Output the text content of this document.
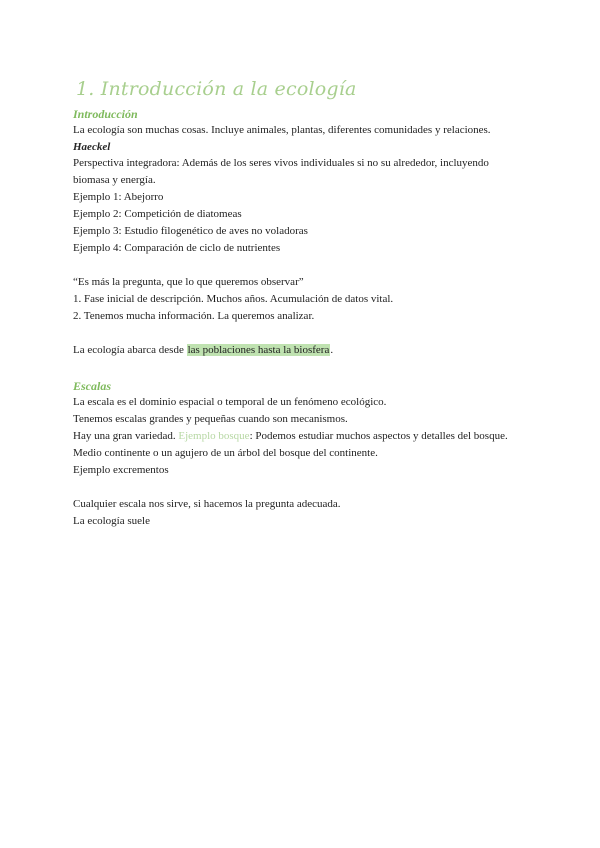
1. Introducción a la ecología
Introducción

La ecología son muchas cosas. Incluye animales, plantas, diferentes comunidades y relaciones.

Haeckel

Perspectiva integradora: Además de los seres vivos individuales si no su alrededor, incluyendo biomasa y energía.

Ejemplo 1: Abejorro

Ejemplo 2: Competición de diatomeas

Ejemplo 3: Estudio filogenético de aves no voladoras

Ejemplo 4: Comparación de ciclo de nutrientes

“Es más la pregunta, que lo que queremos observar”

1. Fase inicial de descripción. Muchos años. Acumulación de datos vital.

2. Tenemos mucha información. La queremos analizar.

La ecología abarca desde las poblaciones hasta la biosfera.

Escalas

La escala es el dominio espacial o temporal de un fenómeno ecológico.

Tenemos escalas grandes y pequeñas cuando son mecanismos.

Hay una gran variedad. Ejemplo bosque: Podemos estudiar muchos aspectos y detalles del bosque. Medio continente o un agujero de un árbol del bosque del continente.

Ejemplo excrementos

Cualquier escala nos sirve, si hacemos la pregunta adecuada.

La ecología suele
